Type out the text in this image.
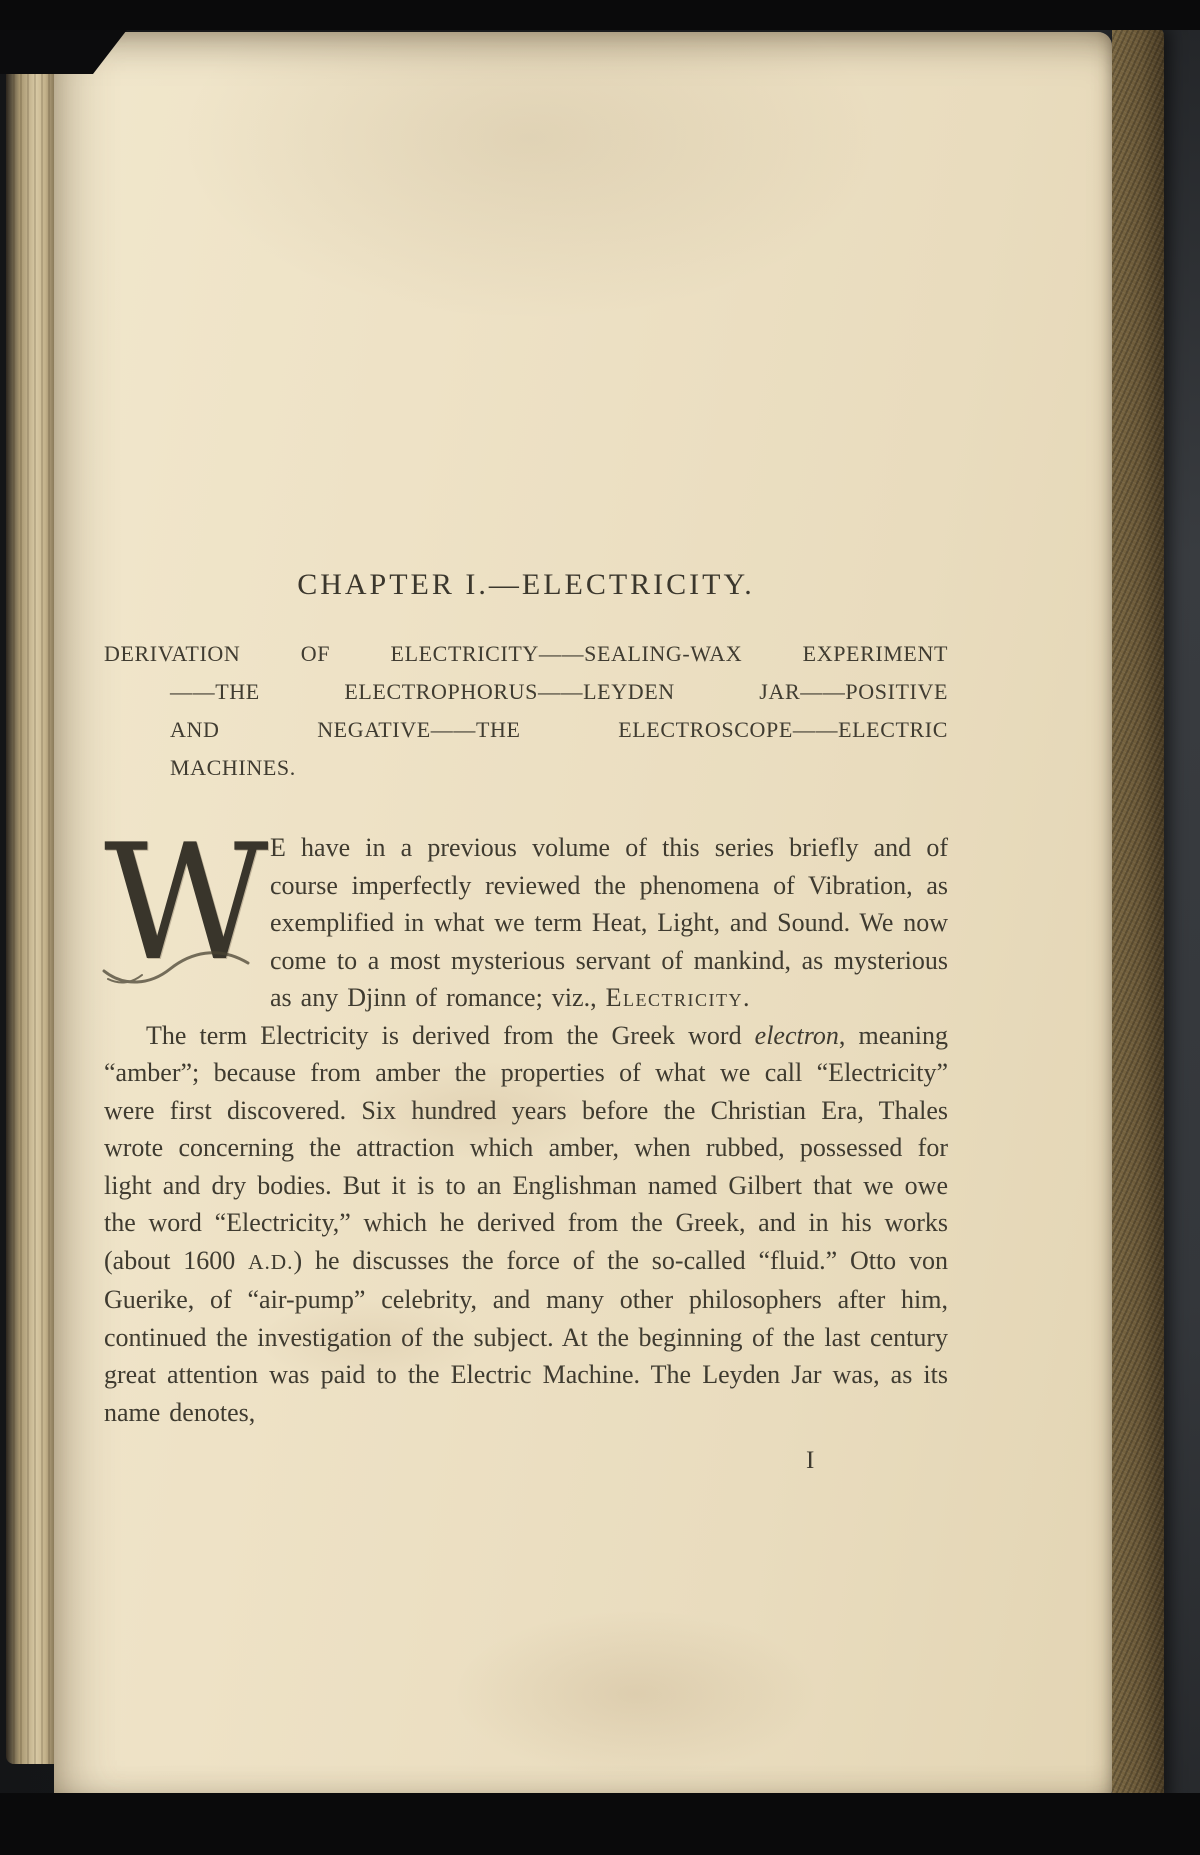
CHAPTER I.—ELECTRICITY.
DERIVATION OF ELECTRICITY——SEALING-WAX EXPERIMENT
——THE ELECTROPHORUS——LEYDEN JAR——POSITIVE
AND NEGATIVE——THE ELECTROSCOPE——ELECTRIC
MACHINES.

W E have in a previous volume of this series briefly and of course imperfectly reviewed the phenomena of Vibration, as exemplified in what we term Heat, Light, and Sound. We now come to a most mysterious servant of mankind, as mysterious as any Djinn of romance; viz., Electricity.

The term Electricity is derived from the Greek word electron, meaning “amber”; because from amber the properties of what we call “Electricity” were first discovered. Six hundred years before the Christian Era, Thales wrote concerning the attraction which amber, when rubbed, possessed for light and dry bodies. But it is to an Englishman named Gilbert that we owe the word “Electricity,” which he derived from the Greek, and in his works (about 1600 A.D.) he discusses the force of the so-called “fluid.” Otto von Guerike, of “air-pump” celebrity, and many other philosophers after him, continued the investigation of the subject. At the beginning of the last century great attention was paid to the Electric Machine. The Leyden Jar was, as its name denotes,

I
